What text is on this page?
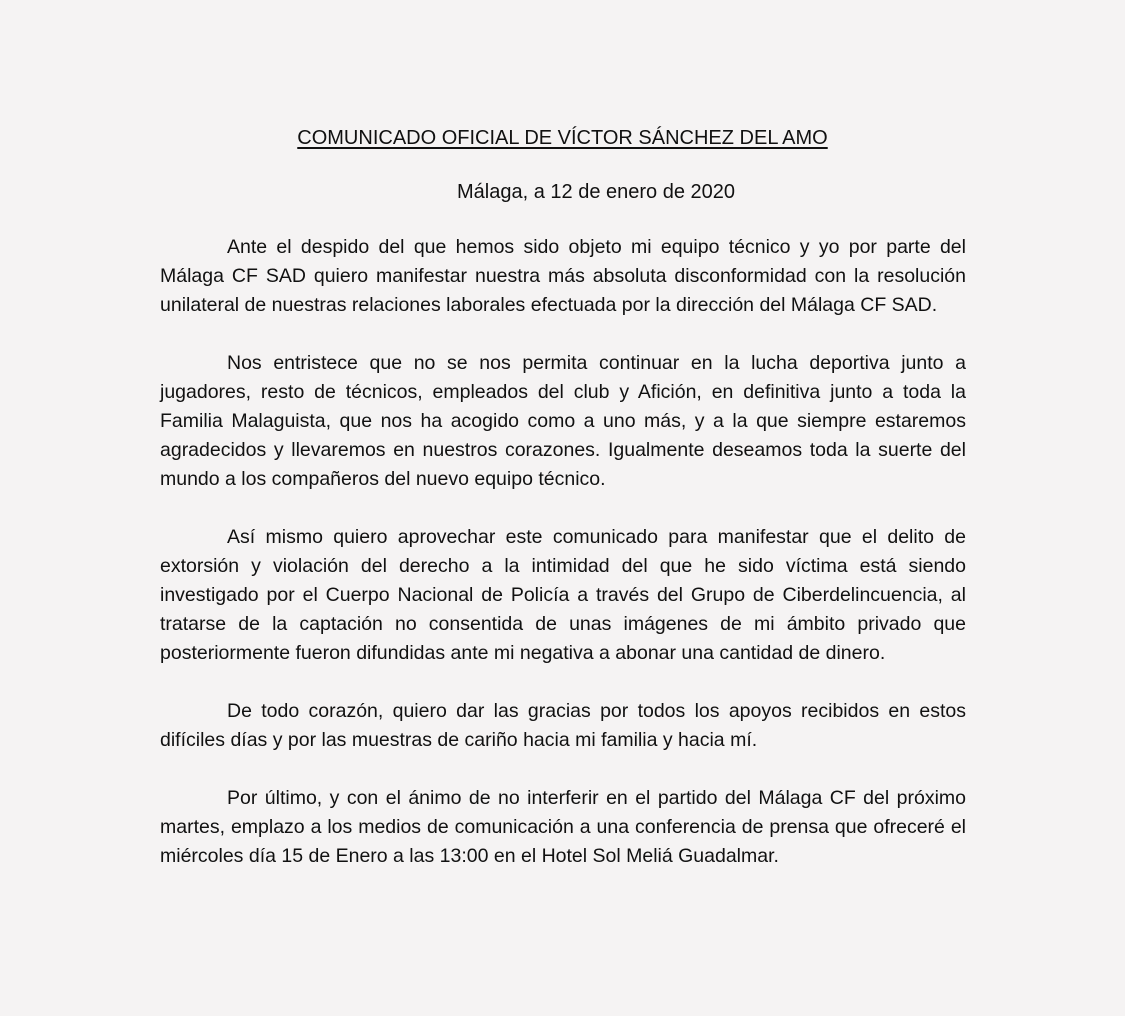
COMUNICADO OFICIAL DE VÍCTOR SÁNCHEZ DEL AMO
Málaga, a 12 de enero de 2020

Ante el despido del que hemos sido objeto mi equipo técnico y yo por parte del Málaga CF SAD quiero manifestar nuestra más absoluta disconformidad con la resolución unilateral de nuestras relaciones laborales efectuada por la dirección del Málaga CF SAD.

Nos entristece que no se nos permita continuar en la lucha deportiva junto a jugadores, resto de técnicos, empleados del club y Afición, en definitiva junto a toda la Familia Malaguista, que nos ha acogido como a uno más, y a la que siempre estaremos agradecidos y llevaremos en nuestros corazones. Igualmente deseamos toda la suerte del mundo a los compañeros del nuevo equipo técnico.

Así mismo quiero aprovechar este comunicado para manifestar que el delito de extorsión y violación del derecho a la intimidad del que he sido víctima está siendo investigado por el Cuerpo Nacional de Policía a través del Grupo de Ciberdelincuencia, al tratarse de la captación no consentida de unas imágenes de mi ámbito privado que posteriormente fueron difundidas ante mi negativa a abonar una cantidad de dinero.

De todo corazón, quiero dar las gracias por todos los apoyos recibidos en estos difíciles días y por las muestras de cariño hacia mi familia y hacia mí.

Por último, y con el ánimo de no interferir en el partido del Málaga CF del próximo martes, emplazo a los medios de comunicación a una conferencia de prensa que ofreceré el miércoles día 15 de Enero a las 13:00 en el Hotel Sol Meliá Guadalmar.
